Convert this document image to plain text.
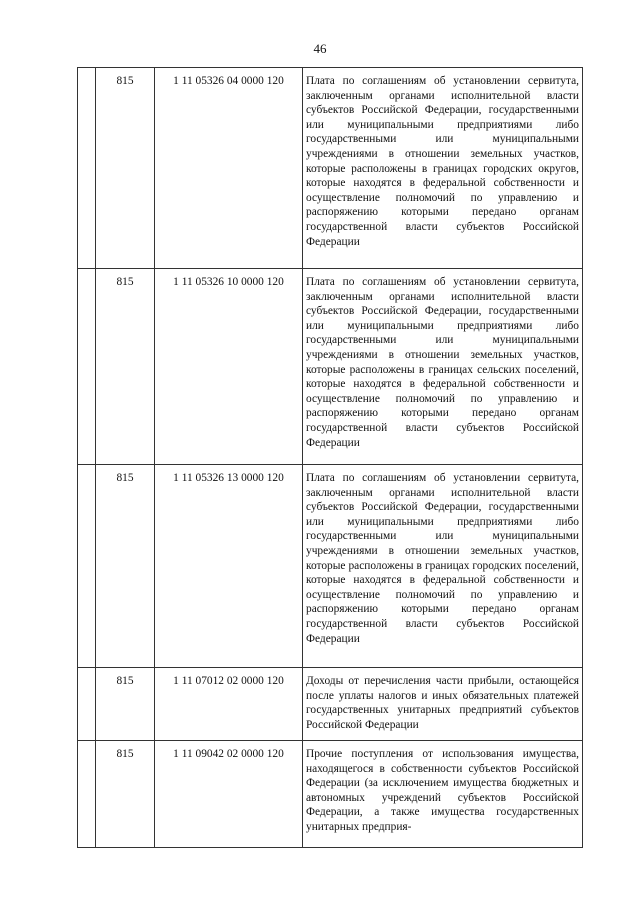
46
	815	1 11 05326 04 0000 120	Плата по соглашениям об установлении сервитута, заключенным органами исполнительной власти субъектов Российской Федерации, государственными или муниципальными предприятиями либо государственными или муниципальными учреждениями в отношении земельных участков, которые расположены в границах городских округов, которые находятся в федеральной собственности и осуществление полномочий по управлению и распоряжению которыми передано органам государственной власти субъектов Российской Федерации
	815	1 11 05326 10 0000 120	Плата по соглашениям об установлении сервитута, заключенным органами исполнительной власти субъектов Российской Федерации, государственными или муниципальными предприятиями либо государственными или муниципальными учреждениями в отношении земельных участков, которые расположены в границах сельских поселений, которые находятся в федеральной собственности и осуществление полномочий по управлению и распоряжению которыми передано органам государственной власти субъектов Российской Федерации
	815	1 11 05326 13 0000 120	Плата по соглашениям об установлении сервитута, заключенным органами исполнительной власти субъектов Российской Федерации, государственными или муниципальными предприятиями либо государственными или муниципальными учреждениями в отношении земельных участков, которые расположены в границах городских поселений, которые находятся в федеральной собственности и осуществление полномочий по управлению и распоряжению которыми передано органам государственной власти субъектов Российской Федерации
	815	1 11 07012 02 0000 120	Доходы от перечисления части прибыли, остающейся после уплаты налогов и иных обязательных платежей государственных унитарных предприятий субъектов Российской Федерации
	815	1 11 09042 02 0000 120	Прочие поступления от использования имущества, находящегося в собственности субъектов Российской Федерации (за исключением имущества бюджетных и автономных учреждений субъектов Российской Федерации, а также имущества государственных унитарных предприя-
